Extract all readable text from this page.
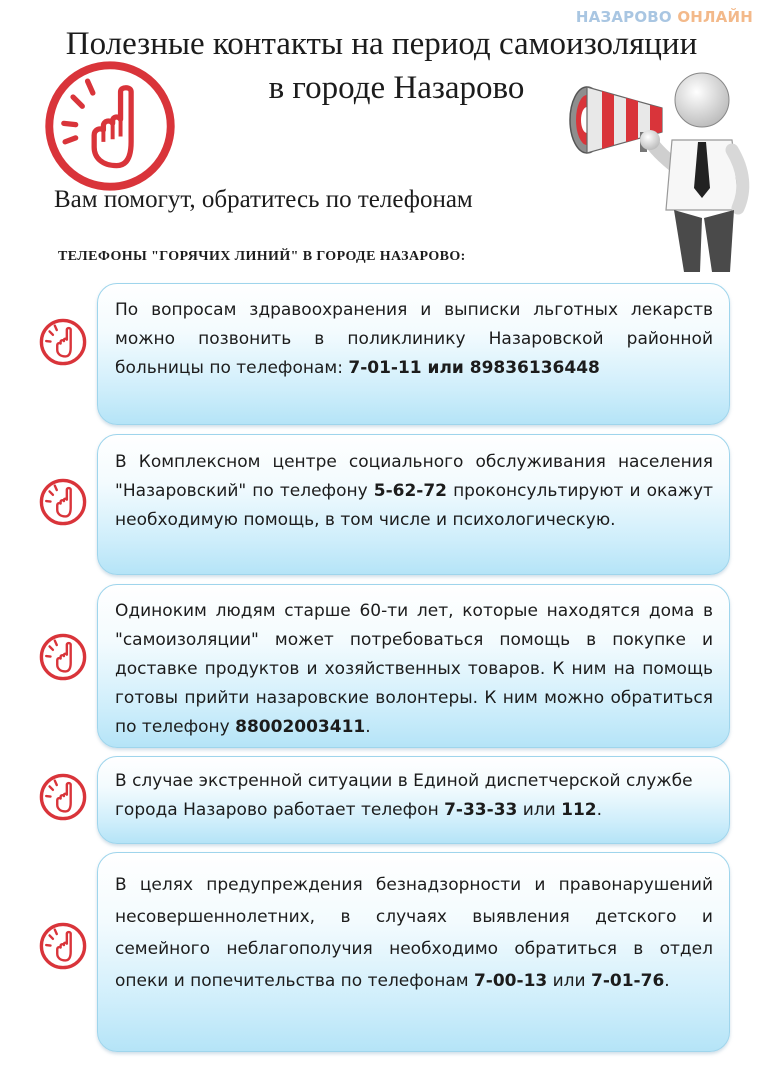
НАЗАРОВО ОНЛАЙН
Полезные контакты на период самоизоляции
в городе Назарово
Вам помогут, обратитесь по телефонам
ТЕЛЕФОНЫ "ГОРЯЧИХ ЛИНИЙ" В ГОРОДЕ НАЗАРОВО:
По вопросам здравоохранения и выписки льготных лекарств можно позвонить в поликлинику Назаровской районной больницы по телефонам: 7-01-11 или 89836136448
В Комплексном центре социального обслуживания населения "Назаровский" по телефону 5-62-72 проконсультируют и окажут необходимую помощь, в том числе и психологическую.
Одиноким людям старше 60-ти лет, которые находятся дома в "самоизоляции" может потребоваться помощь в покупке и доставке продуктов и хозяйственных товаров. К ним на помощь готовы прийти назаровские волонтеры. К ним можно обратиться по телефону 88002003411.
В случае экстренной ситуации в Единой диспетчерской службе города Назарово работает телефон 7-33-33 или 112.
В целях предупреждения безнадзорности и правонарушений несовершеннолетних, в случаях выявления детского и семейного неблагополучия необходимо обратиться в отдел опеки и попечительства по телефонам 7-00-13 или 7-01-76.
